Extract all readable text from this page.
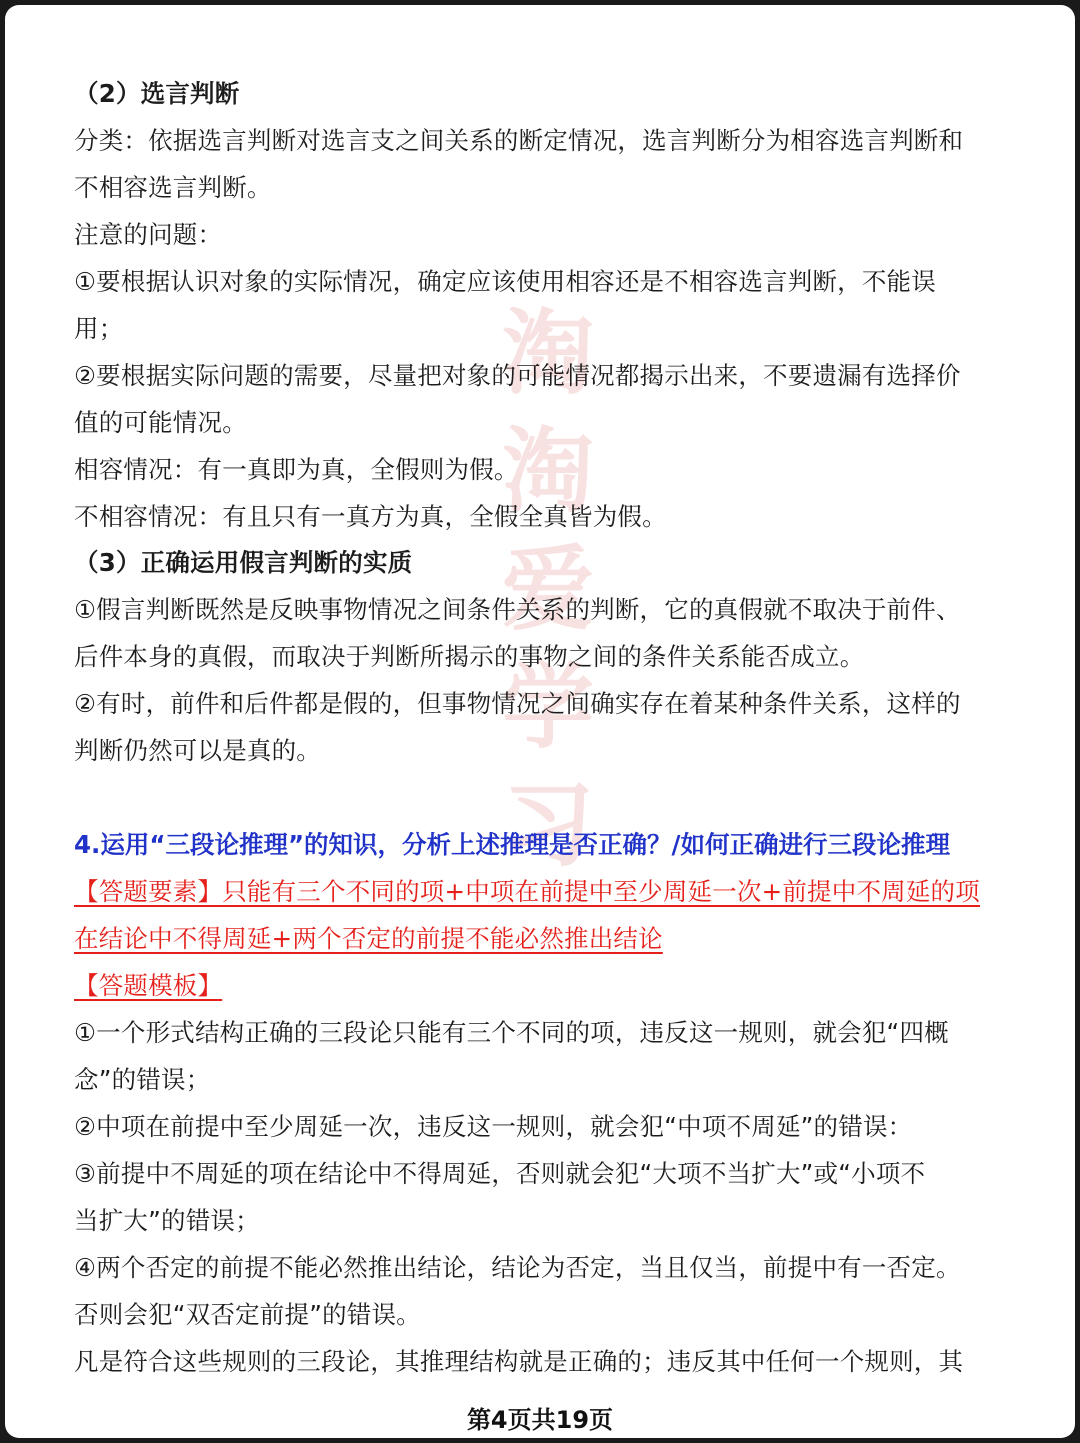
淘淘爱学习
（2）选言判断
分类：依据选言判断对选言支之间关系的断定情况，选言判断分为相容选言判断和
不相容选言判断。
注意的问题：
①要根据认识对象的实际情况，确定应该使用相容还是不相容选言判断，不能误
用；
②要根据实际问题的需要，尽量把对象的可能情况都揭示出来，不要遗漏有选择价
值的可能情况。
相容情况：有一真即为真，全假则为假。
不相容情况：有且只有一真方为真，全假全真皆为假。
（3）正确运用假言判断的实质
①假言判断既然是反映事物情况之间条件关系的判断，它的真假就不取决于前件、
后件本身的真假，而取决于判断所揭示的事物之间的条件关系能否成立。
②有时，前件和后件都是假的，但事物情况之间确实存在着某种条件关系，这样的
判断仍然可以是真的。
4.运用“三段论推理”的知识，分析上述推理是否正确？/如何正确进行三段论推理
【答题要素】只能有三个不同的项+中项在前提中至少周延一次+前提中不周延的项
在结论中不得周延+两个否定的前提不能必然推出结论
【答题模板】
①一个形式结构正确的三段论只能有三个不同的项，违反这一规则，就会犯“四概
念”的错误；
②中项在前提中至少周延一次，违反这一规则，就会犯“中项不周延”的错误：
③前提中不周延的项在结论中不得周延，否则就会犯“大项不当扩大”或“小项不
当扩大”的错误；
④两个否定的前提不能必然推出结论，结论为否定，当且仅当，前提中有一否定。
否则会犯“双否定前提”的错误。
凡是符合这些规则的三段论，其推理结构就是正确的；违反其中任何一个规则，其
第4页共19页
